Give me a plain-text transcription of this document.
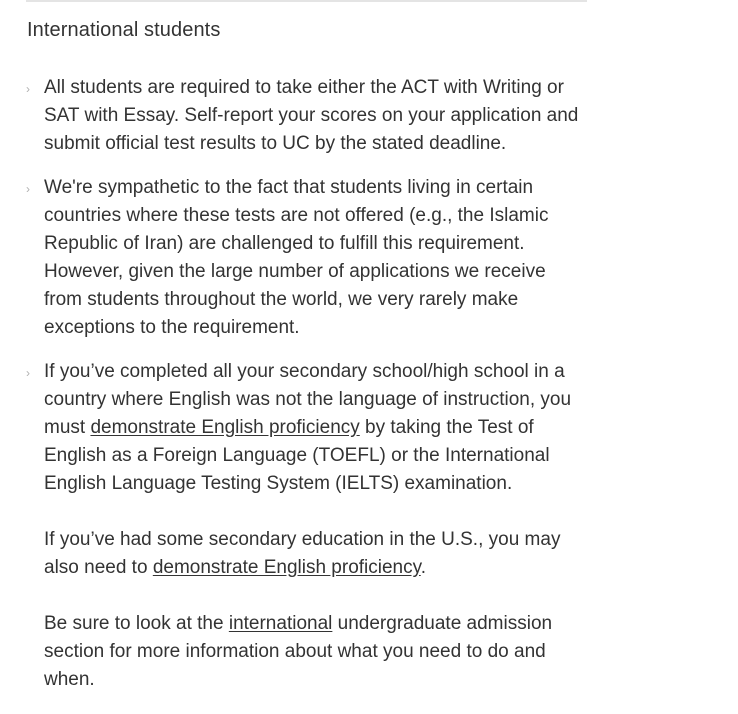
International students
› All students are required to take either the ACT with Writing or SAT with Essay. Self-report your scores on your application and submit official test results to UC by the stated deadline.
› We're sympathetic to the fact that students living in certain countries where these tests are not offered (e.g., the Islamic Republic of Iran) are challenged to fulfill this requirement. However, given the large number of applications we receive from students throughout the world, we very rarely make exceptions to the requirement.
› If you’ve completed all your secondary school/high school in a country where English was not the language of instruction, you must demonstrate English proficiency by taking the Test of English as a Foreign Language (TOEFL) or the International English Language Testing System (IELTS) examination.
If you’ve had some secondary education in the U.S., you may also need to demonstrate English proficiency.
Be sure to look at the international undergraduate admission section for more information about what you need to do and when.
